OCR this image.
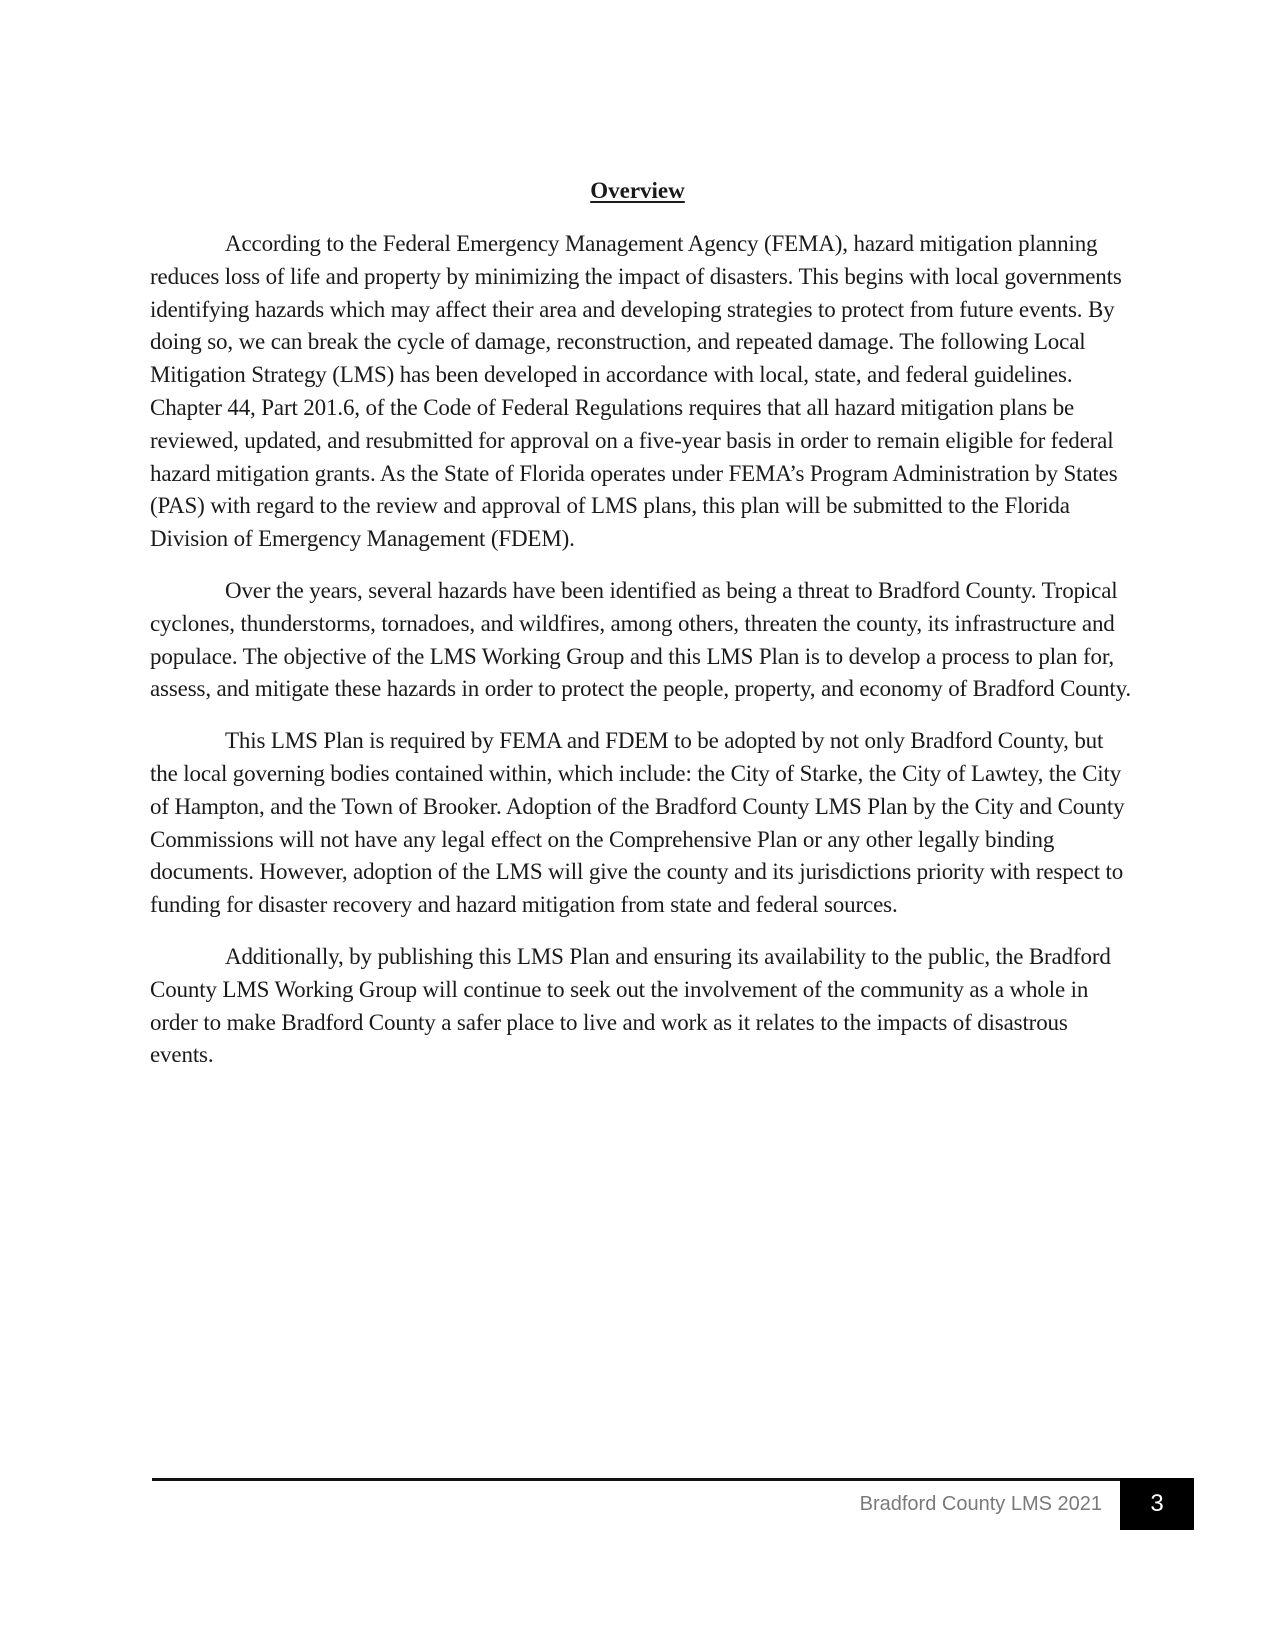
Overview

According to the Federal Emergency Management Agency (FEMA), hazard mitigation planning reduces loss of life and property by minimizing the impact of disasters. This begins with local governments identifying hazards which may affect their area and developing strategies to protect from future events. By doing so, we can break the cycle of damage, reconstruction, and repeated damage. The following Local Mitigation Strategy (LMS) has been developed in accordance with local, state, and federal guidelines. Chapter 44, Part 201.6, of the Code of Federal Regulations requires that all hazard mitigation plans be reviewed, updated, and resubmitted for approval on a five-year basis in order to remain eligible for federal hazard mitigation grants. As the State of Florida operates under FEMA’s Program Administration by States (PAS) with regard to the review and approval of LMS plans, this plan will be submitted to the Florida Division of Emergency Management (FDEM).

Over the years, several hazards have been identified as being a threat to Bradford County. Tropical cyclones, thunderstorms, tornadoes, and wildfires, among others, threaten the county, its infrastructure and populace. The objective of the LMS Working Group and this LMS Plan is to develop a process to plan for, assess, and mitigate these hazards in order to protect the people, property, and economy of Bradford County.

This LMS Plan is required by FEMA and FDEM to be adopted by not only Bradford County, but the local governing bodies contained within, which include: the City of Starke, the City of Lawtey, the City of Hampton, and the Town of Brooker. Adoption of the Bradford County LMS Plan by the City and County Commissions will not have any legal effect on the Comprehensive Plan or any other legally binding documents. However, adoption of the LMS will give the county and its jurisdictions priority with respect to funding for disaster recovery and hazard mitigation from state and federal sources.

Additionally, by publishing this LMS Plan and ensuring its availability to the public, the Bradford County LMS Working Group will continue to seek out the involvement of the community as a whole in order to make Bradford County a safer place to live and work as it relates to the impacts of disastrous events.

Bradford County LMS 2021	3
